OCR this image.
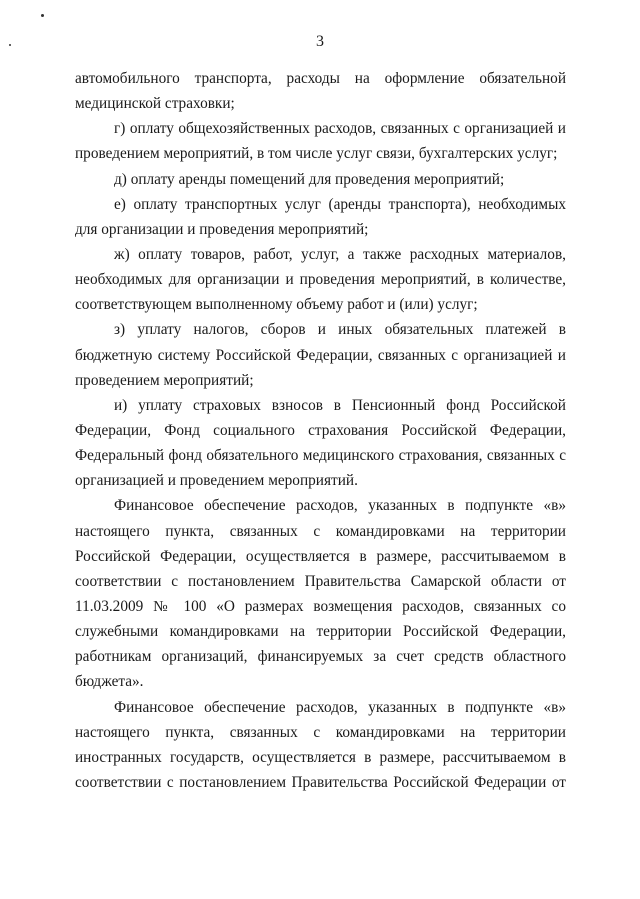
3
автомобильного транспорта, расходы на оформление обязательной
медицинской страховки;
г) оплату общехозяйственных расходов, связанных с организацией и
проведением мероприятий, в том числе услуг связи, бухгалтерских услуг;
д) оплату аренды помещений для проведения мероприятий;
е) оплату транспортных услуг (аренды транспорта), необходимых
для организации и проведения мероприятий;
ж) оплату товаров, работ, услуг, а также расходных материалов,
необходимых для организации и проведения мероприятий, в количестве,
соответствующем выполненному объему работ и (или) услуг;
з) уплату налогов, сборов и иных обязательных платежей в
бюджетную систему Российской Федерации, связанных с организацией и
проведением мероприятий;
и) уплату страховых взносов в Пенсионный фонд Российской
Федерации, Фонд социального страхования Российской Федерации,
Федеральный фонд обязательного медицинского страхования, связанных с
организацией и проведением мероприятий.
Финансовое обеспечение расходов, указанных в подпункте «в»
настоящего пункта, связанных с командировками на территории
Российской Федерации, осуществляется в размере, рассчитываемом в
соответствии с постановлением Правительства Самарской области от
11.03.2009 № 100 «О размерах возмещения расходов, связанных со
служебными командировками на территории Российской Федерации,
работникам организаций, финансируемых за счет средств областного
бюджета».
Финансовое обеспечение расходов, указанных в подпункте «в»
настоящего пункта, связанных с командировками на территории
иностранных государств, осуществляется в размере, рассчитываемом в
соответствии с постановлением Правительства Российской Федерации от
